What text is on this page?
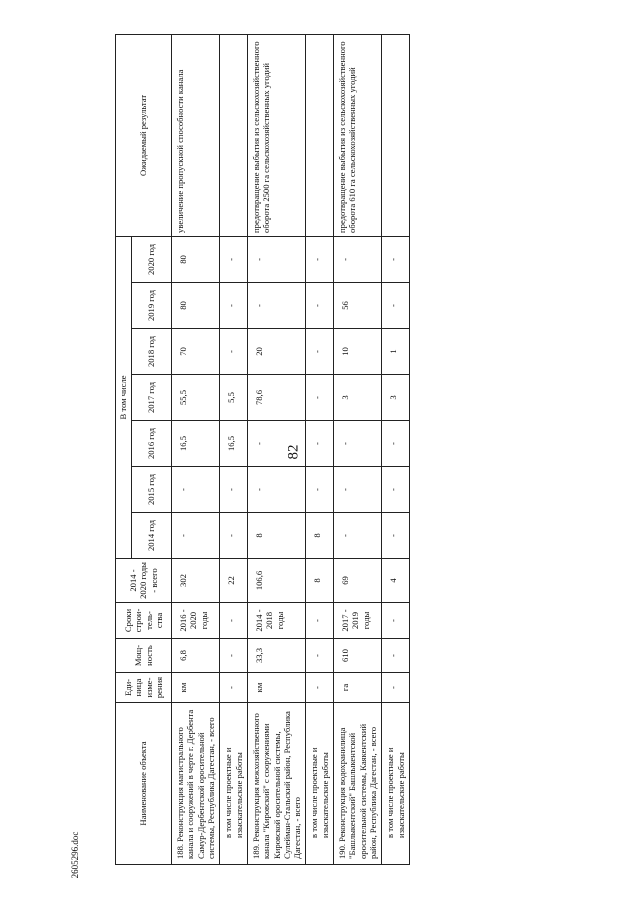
82
2605296.doc
Наименование объекта	Еди- ница изме- рения	Мощ- ность	Сроки строи- тель- ства	2014 - 2020 годы - всего	В том числе							Ожидаемый результат
					2014 год	2015 год	2016 год	2017 год	2018 год	2019 год	2020 год	
188. Реконструкция магистрального канала и сооружений в черте г. Дербента Самур-Дербентской оросительной системы, Республика Дагестан, - всего	км	6,8	2016 - 2020 годы	302	-	-	16,5	55,5	70	80	80	увеличение пропускной способности канала
в том числе проектные и изыскательские работы	-	-	-	22	-	-	16,5	5,5	-	-	-	
189. Реконструкция межхозяйственного канала "Кировский" с сооружениями Кировской оросительной системы, Сулейман-Стальский район, Республика Дагестан, - всего	км	33,3	2014 - 2018 годы	106,6	8	-	-	78,6	20	-	-	предотвращение выбытия из сельскохозяйственного оборота 2500 га сельскохозяйственных угодий
в том числе проектные и изыскательские работы	-	-	-	8	8	-	-	-	-	-	-	
190. Реконструкция водохранилища "Башлыкентский" Башлыкентской оросительной системы, Каякентский район, Республика Дагестан, - всего	га	610	2017 - 2019 годы	69	-	-	-	3	10	56	-	предотвращение выбытия из сельскохозяйственного оборота 610 га сельскохозяйственных угодий
в том числе проектные и изыскательские работы	-	-	-	4	-	-	-	3	1	-	-	
